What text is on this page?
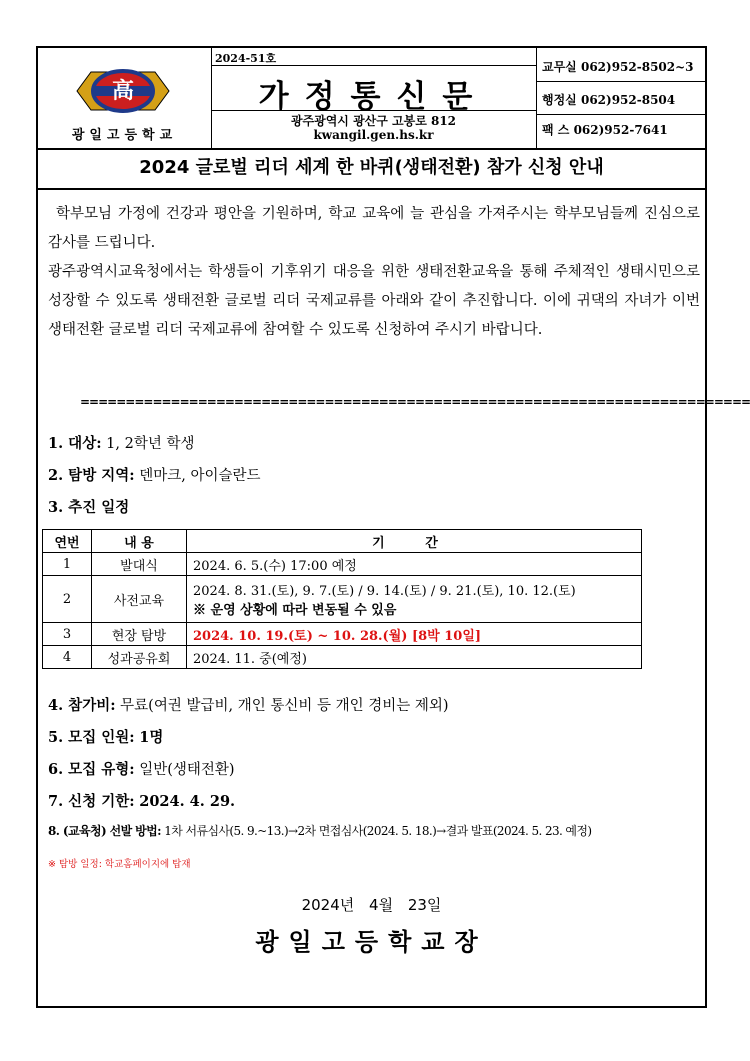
高
광일고등학교
2024-51호
가정통신문
광주광역시 광산구 고봉로 812
kwangil.gen.hs.kr
교무실 062)952-8502~3
행정실 062)952-8504
팩 스 062)952-7641
2024 글로벌 리더 세계 한 바퀴(생태전환) 참가 신청 안내

학부모님 가정에 건강과 평안을 기원하며, 학교 교육에 늘 관심을 가져주시는 학부모님들께 진심으로 감사를 드립니다.

광주광역시교육청에서는 학생들이 기후위기 대응을 위한 생태전환교육을 통해 주체적인 생태시민으로 성장할 수 있도록 생태전환 글로벌 리더 국제교류를 아래와 같이 추진합니다. 이에 귀댁의 자녀가 이번 생태전환 글로벌 리더 국제교류에 참여할 수 있도록 신청하여 주시기 바랍니다.

==========================================================================
1. 대상: 1, 2학년 학생
2. 탐방 지역: 덴마크, 아이슬란드
3. 추진 일정
연번	내 용	기 간
1	발대식	2024. 6. 5.(수) 17:00 예정
2	사전교육	2024. 8. 31.(토), 9. 7.(토) / 9. 14.(토) / 9. 21.(토), 10. 12.(토)
※ 운영 상황에 따라 변동될 수 있음

3	현장 탐방	2024. 10. 19.(토) ~ 10. 28.(월) [8박 10일]
4	성과공유회	2024. 11. 중(예정)
4. 참가비: 무료(여권 발급비, 개인 통신비 등 개인 경비는 제외)
5. 모집 인원: 1명
6. 모집 유형: 일반(생태전환)
7. 신청 기한: 2024. 4. 29.
8. (교육청) 선발 방법: 1차 서류심사(5. 9.~13.)→2차 면접심사(2024. 5. 18.)→결과 발표(2024. 5. 23. 예정)
※ 탐방 일정: 학교홈페이지에 탑재
2024년 4월 23일
광일고등학교장
